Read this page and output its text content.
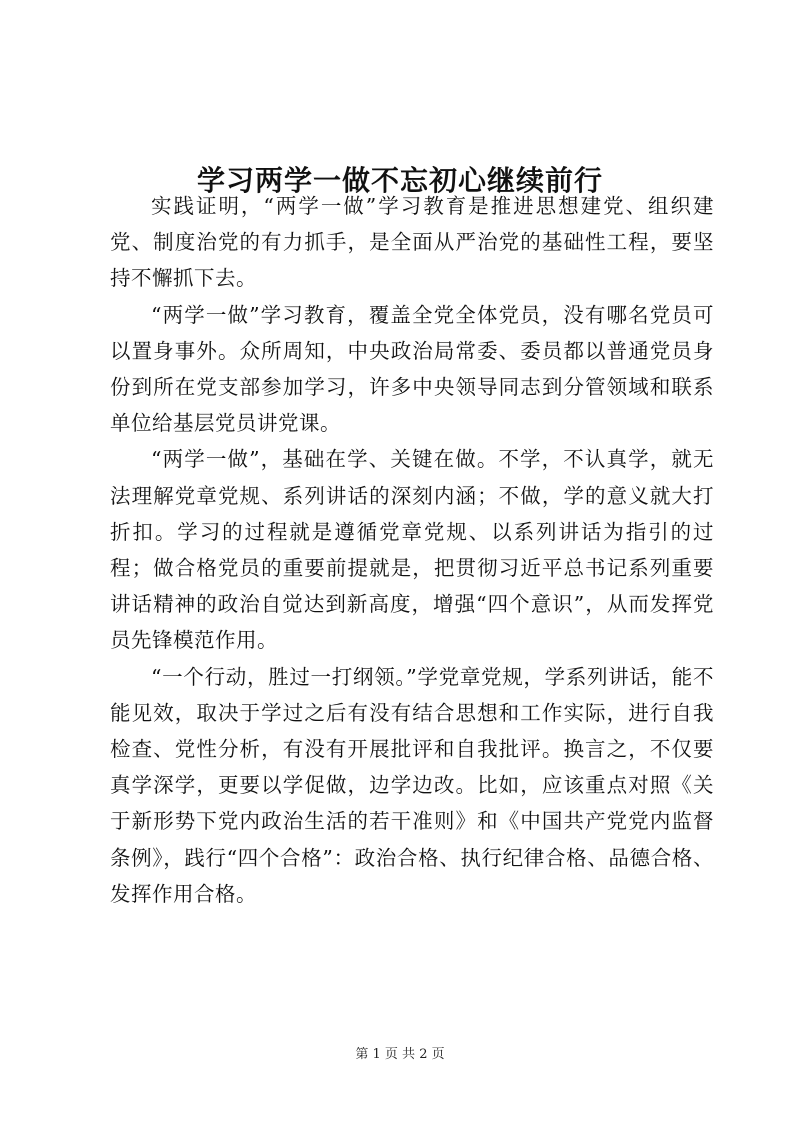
学习两学一做不忘初心继续前行

实践证明，“两学一做”学习教育是推进思想建党、组织建党、制度治党的有力抓手，是全面从严治党的基础性工程，要坚持不懈抓下去。

“两学一做”学习教育，覆盖全党全体党员，没有哪名党员可以置身事外。众所周知，中央政治局常委、委员都以普通党员身份到所在党支部参加学习，许多中央领导同志到分管领域和联系单位给基层党员讲党课。

“两学一做”，基础在学、关键在做。不学，不认真学，就无法理解党章党规、系列讲话的深刻内涵；不做，学的意义就大打折扣。学习的过程就是遵循党章党规、以系列讲话为指引的过程；做合格党员的重要前提就是，把贯彻习近平总书记系列重要讲话精神的政治自觉达到新高度，增强“四个意识”，从而发挥党员先锋模范作用。

“一个行动，胜过一打纲领。”学党章党规，学系列讲话，能不能见效，取决于学过之后有没有结合思想和工作实际，进行自我检查、党性分析，有没有开展批评和自我批评。换言之，不仅要真学深学，更要以学促做，边学边改。比如，应该重点对照《关于新形势下党内政治生活的若干准则》和《中国共产党党内监督条例》，践行“四个合格”：政治合格、执行纪律合格、品德合格、发挥作用合格。

第 1 页 共 2 页
